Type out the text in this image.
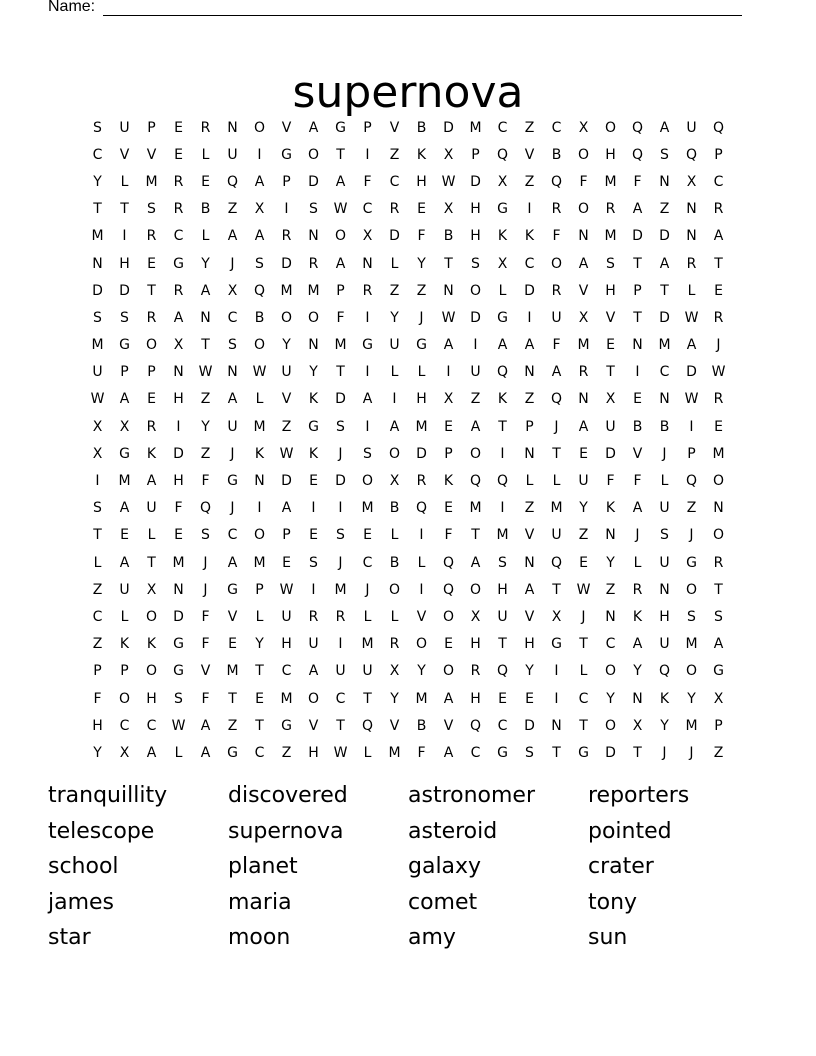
Name:
supernova
S	U	P	E	R	N	O	V	A	G	P	V	B	D	M	C	Z	C	X	O	Q	A	U	Q
C	V	V	E	L	U	I	G	O	T	I	Z	K	X	P	Q	V	B	O	H	Q	S	Q	P
Y	L	M	R	E	Q	A	P	D	A	F	C	H	W	D	X	Z	Q	F	M	F	N	X	C
T	T	S	R	B	Z	X	I	S	W	C	R	E	X	H	G	I	R	O	R	A	Z	N	R
M	I	R	C	L	A	A	R	N	O	X	D	F	B	H	K	K	F	N	M	D	D	N	A
N	H	E	G	Y	J	S	D	R	A	N	L	Y	T	S	X	C	O	A	S	T	A	R	T
D	D	T	R	A	X	Q	M	M	P	R	Z	Z	N	O	L	D	R	V	H	P	T	L	E
S	S	R	A	N	C	B	O	O	F	I	Y	J	W	D	G	I	U	X	V	T	D	W	R
M	G	O	X	T	S	O	Y	N	M	G	U	G	A	I	A	A	F	M	E	N	M	A	J
U	P	P	N	W	N	W	U	Y	T	I	L	L	I	U	Q	N	A	R	T	I	C	D	W
W	A	E	H	Z	A	L	V	K	D	A	I	H	X	Z	K	Z	Q	N	X	E	N	W	R
X	X	R	I	Y	U	M	Z	G	S	I	A	M	E	A	T	P	J	A	U	B	B	I	E
X	G	K	D	Z	J	K	W	K	J	S	O	D	P	O	I	N	T	E	D	V	J	P	M
I	M	A	H	F	G	N	D	E	D	O	X	R	K	Q	Q	L	L	U	F	F	L	Q	O
S	A	U	F	Q	J	I	A	I	I	M	B	Q	E	M	I	Z	M	Y	K	A	U	Z	N
T	E	L	E	S	C	O	P	E	S	E	L	I	F	T	M	V	U	Z	N	J	S	J	O
L	A	T	M	J	A	M	E	S	J	C	B	L	Q	A	S	N	Q	E	Y	L	U	G	R
Z	U	X	N	J	G	P	W	I	M	J	O	I	Q	O	H	A	T	W	Z	R	N	O	T
C	L	O	D	F	V	L	U	R	R	L	L	V	O	X	U	V	X	J	N	K	H	S	S
Z	K	K	G	F	E	Y	H	U	I	M	R	O	E	H	T	H	G	T	C	A	U	M	A
P	P	O	G	V	M	T	C	A	U	U	X	Y	O	R	Q	Y	I	L	O	Y	Q	O	G
F	O	H	S	F	T	E	M	O	C	T	Y	M	A	H	E	E	I	C	Y	N	K	Y	X
H	C	C	W	A	Z	T	G	V	T	Q	V	B	V	Q	C	D	N	T	O	X	Y	M	P
Y	X	A	L	A	G	C	Z	H	W	L	M	F	A	C	G	S	T	G	D	T	J	J	Z
tranquillity	discovered	astronomer	reporters
telescope	supernova	asteroid	pointed
school	planet	galaxy	crater
james	maria	comet	tony
star	moon	amy	sun
